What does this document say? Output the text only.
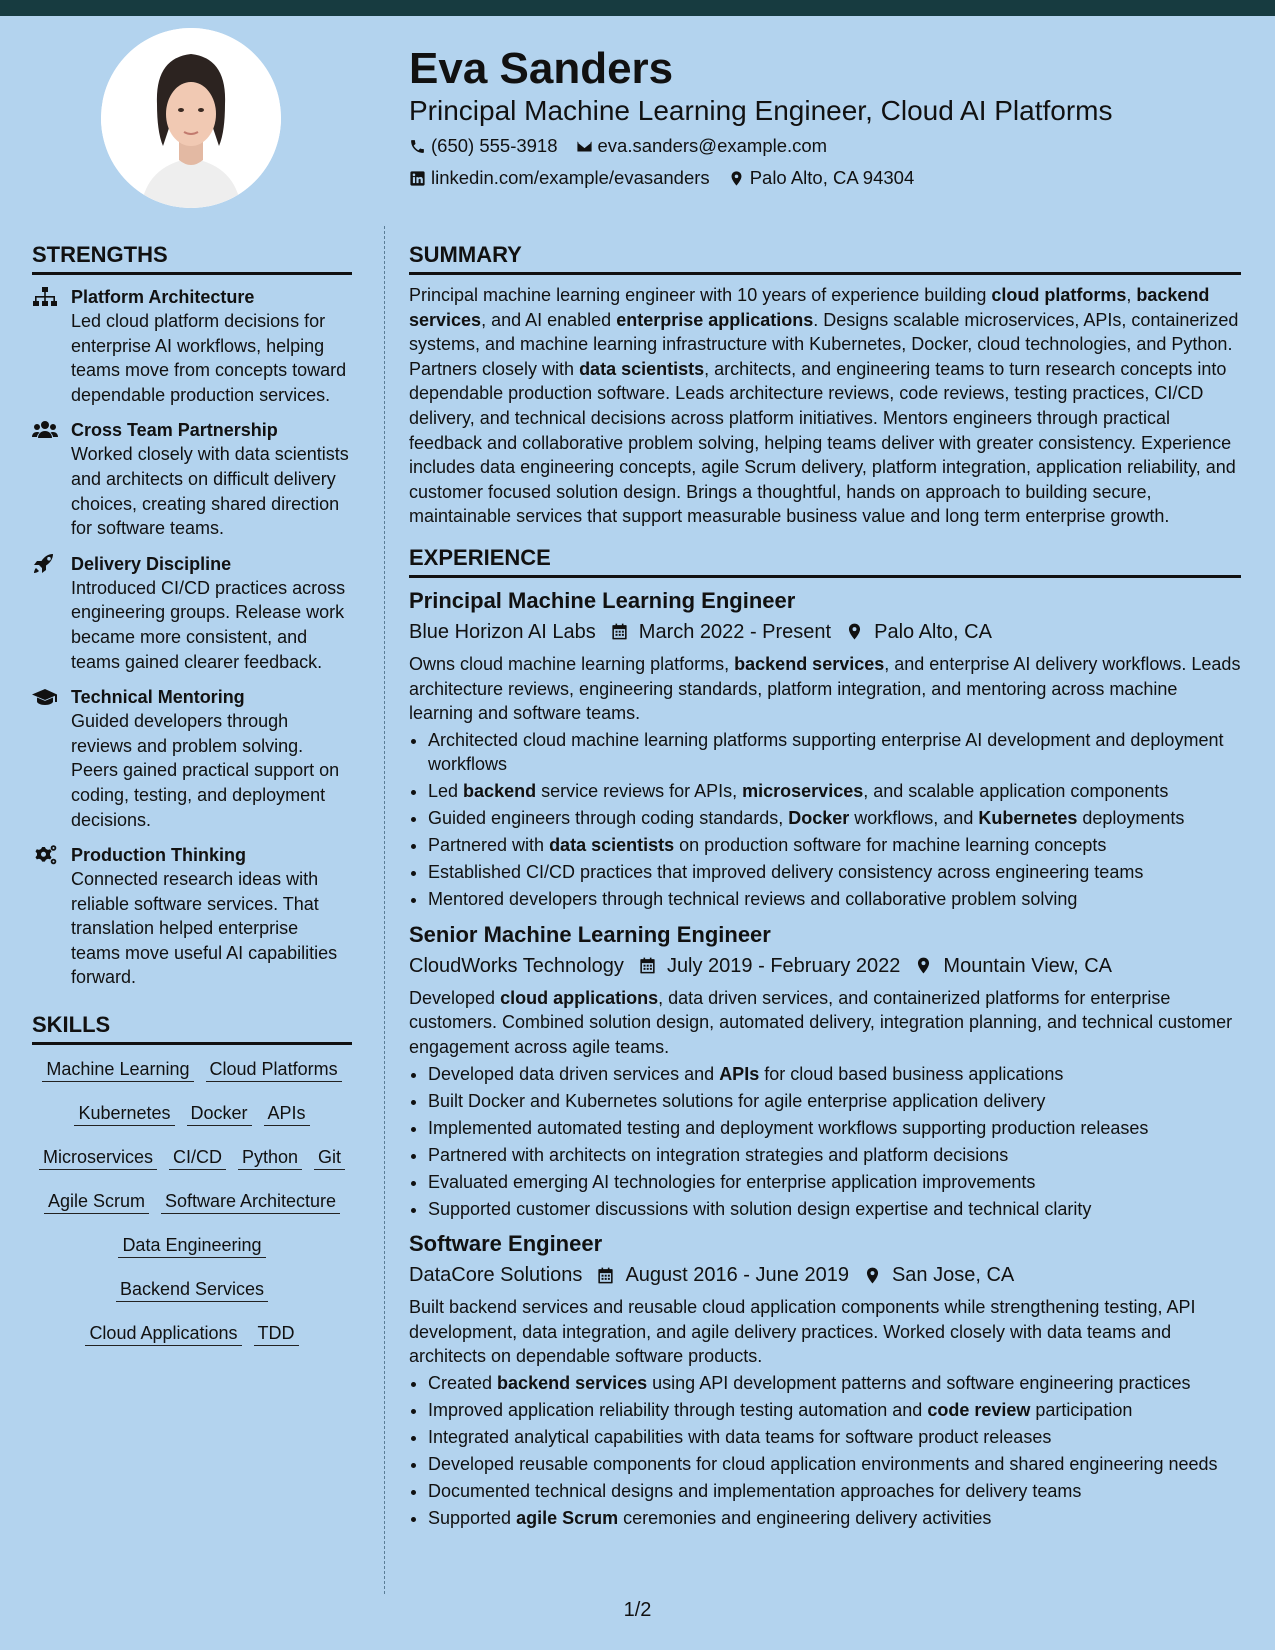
Eva Sanders
Principal Machine Learning Engineer, Cloud AI Platforms
(650) 555-3918 eva.sanders@example.com
linkedin.com/example/evasanders Palo Alto, CA 94304
STRENGTHS
Platform Architecture
Led cloud platform decisions for enterprise AI workflows, helping teams move from concepts toward dependable production services.
Cross Team Partnership
Worked closely with data scientists and architects on difficult delivery choices, creating shared direction for software teams.
Delivery Discipline
Introduced CI/CD practices across engineering groups. Release work became more consistent, and teams gained clearer feedback.
Technical Mentoring
Guided developers through reviews and problem solving. Peers gained practical support on coding, testing, and deployment decisions.
Production Thinking
Connected research ideas with reliable software services. That translation helped enterprise teams move useful AI capabilities forward.
SKILLS
Machine Learning Cloud Platforms
Kubernetes Docker APIs
Microservices CI/CD Python Git
Agile Scrum Software Architecture
Data Engineering
Backend Services
Cloud Applications TDD
SUMMARY
Principal machine learning engineer with 10 years of experience building cloud platforms, backend services, and AI enabled enterprise applications. Designs scalable microservices, APIs, containerized systems, and machine learning infrastructure with Kubernetes, Docker, cloud technologies, and Python. Partners closely with data scientists, architects, and engineering teams to turn research concepts into dependable production software. Leads architecture reviews, code reviews, testing practices, CI/CD delivery, and technical decisions across platform initiatives. Mentors engineers through practical feedback and collaborative problem solving, helping teams deliver with greater consistency. Experience includes data engineering concepts, agile Scrum delivery, platform integration, application reliability, and customer focused solution design. Brings a thoughtful, hands on approach to building secure, maintainable services that support measurable business value and long term enterprise growth.
EXPERIENCE
Principal Machine Learning Engineer
Blue Horizon AI Labs March 2022 - Present Palo Alto, CA
Owns cloud machine learning platforms, backend services, and enterprise AI delivery workflows. Leads architecture reviews, engineering standards, platform integration, and mentoring across machine learning and software teams.
• Architected cloud machine learning platforms supporting enterprise AI development and deployment workflows
• Led backend service reviews for APIs, microservices, and scalable application components
• Guided engineers through coding standards, Docker workflows, and Kubernetes deployments
• Partnered with data scientists on production software for machine learning concepts
• Established CI/CD practices that improved delivery consistency across engineering teams
• Mentored developers through technical reviews and collaborative problem solving
Senior Machine Learning Engineer
CloudWorks Technology July 2019 - February 2022 Mountain View, CA
Developed cloud applications, data driven services, and containerized platforms for enterprise customers. Combined solution design, automated delivery, integration planning, and technical customer engagement across agile teams.
• Developed data driven services and APIs for cloud based business applications
• Built Docker and Kubernetes solutions for agile enterprise application delivery
• Implemented automated testing and deployment workflows supporting production releases
• Partnered with architects on integration strategies and platform decisions
• Evaluated emerging AI technologies for enterprise application improvements
• Supported customer discussions with solution design expertise and technical clarity
Software Engineer
DataCore Solutions August 2016 - June 2019 San Jose, CA
Built backend services and reusable cloud application components while strengthening testing, API development, data integration, and agile delivery practices. Worked closely with data teams and architects on dependable software products.
• Created backend services using API development patterns and software engineering practices
• Improved application reliability through testing automation and code review participation
• Integrated analytical capabilities with data teams for software product releases
• Developed reusable components for cloud application environments and shared engineering needs
• Documented technical designs and implementation approaches for delivery teams
• Supported agile Scrum ceremonies and engineering delivery activities
1/2
